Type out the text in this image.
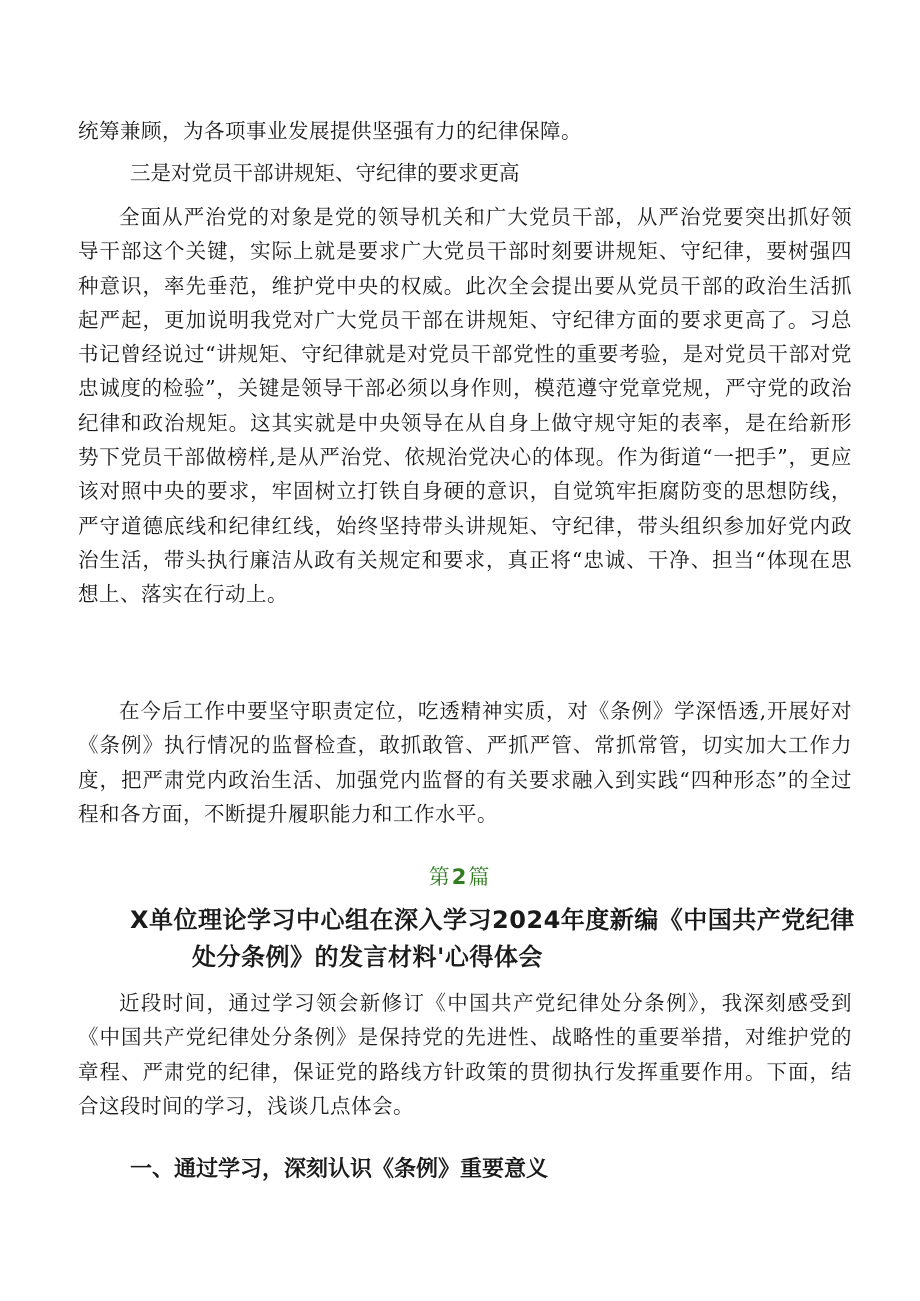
统筹兼顾，为各项事业发展提供坚强有力的纪律保障。

三是对党员干部讲规矩、守纪律的要求更高

全面从严治党的对象是党的领导机关和广大党员干部，从严治党要突出抓好领导干部这个关键，实际上就是要求广大党员干部时刻要讲规矩、守纪律，要树强四种意识，率先垂范，维护党中央的权威。此次全会提出要从党员干部的政治生活抓起严起，更加说明我党对广大党员干部在讲规矩、守纪律方面的要求更高了。习总书记曾经说过“讲规矩、守纪律就是对党员干部党性的重要考验，是对党员干部对党忠诚度的检验”，关键是领导干部必须以身作则，模范遵守党章党规，严守党的政治纪律和政治规矩。这其实就是中央领导在从自身上做守规守矩的表率，是在给新形势下党员干部做榜样,是从严治党、依规治党决心的体现。作为街道“一把手”，更应该对照中央的要求，牢固树立打铁自身硬的意识，自觉筑牢拒腐防变的思想防线，严守道德底线和纪律红线，始终坚持带头讲规矩、守纪律，带头组织参加好党内政治生活，带头执行廉洁从政有关规定和要求，真正将“忠诚、干净、担当“体现在思想上、落实在行动上。

在今后工作中要坚守职责定位，吃透精神实质，对《条例》学深悟透,开展好对《条例》执行情况的监督检查，敢抓敢管、严抓严管、常抓常管，切实加大工作力度，把严肃党内政治生活、加强党内监督的有关要求融入到实践“四种形态”的全过程和各方面，不断提升履职能力和工作水平。

第2篇

X单位理论学习中心组在深入学习2024年度新编《中国共产党纪律
处分条例》的发言材料'心得体会

近段时间，通过学习领会新修订《中国共产党纪律处分条例》，我深刻感受到《中国共产党纪律处分条例》是保持党的先进性、战略性的重要举措，对维护党的章程、严肃党的纪律，保证党的路线方针政策的贯彻执行发挥重要作用。下面，结合这段时间的学习，浅谈几点体会。

一、通过学习，深刻认识《条例》重要意义
